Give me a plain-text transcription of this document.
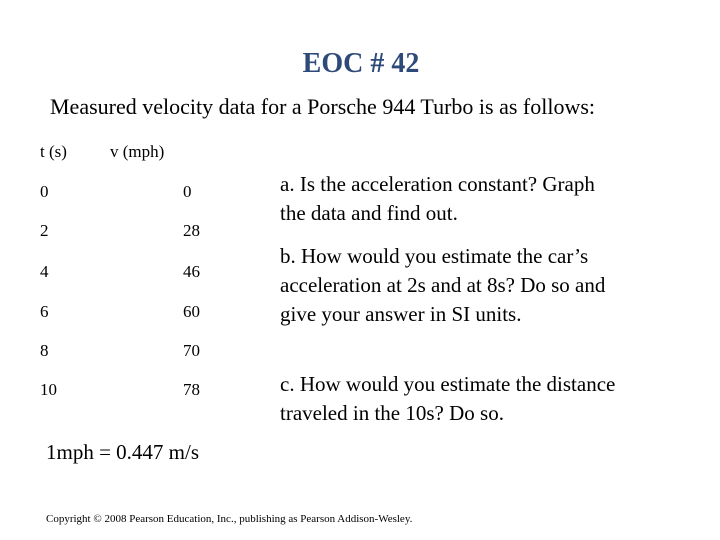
EOC # 42
Measured velocity data for a Porsche 944 Turbo is as follows:
t (s)	v (mph)
0	0
2	28
4	46
6	60
8	70
10	78
a. Is the acceleration constant? Graph the data and find out.
b. How would you estimate the car’s acceleration at 2s and at 8s? Do so and give your answer in SI units.
c. How would you estimate the distance traveled in the 10s? Do so.
1mph = 0.447 m/s
Copyright © 2008 Pearson Education, Inc., publishing as Pearson Addison-Wesley.
